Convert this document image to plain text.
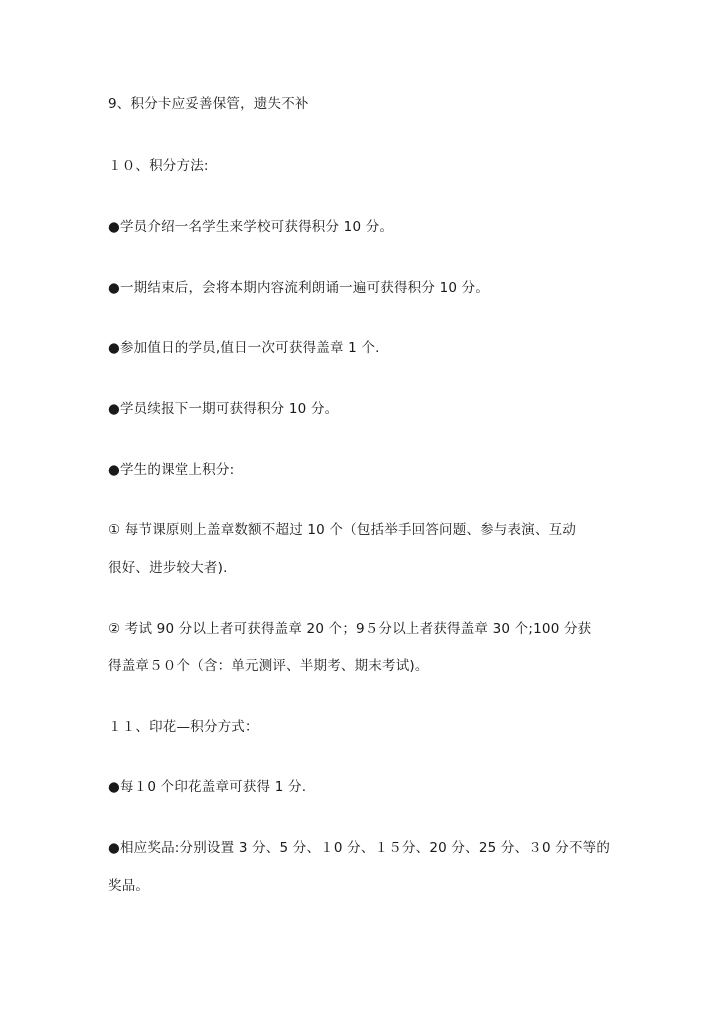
9、积分卡应妥善保管，遗失不补
１０、积分方法:
●学员介绍一名学生来学校可获得积分 10 分。
●一期结束后，会将本期内容流利朗诵一遍可获得积分 10 分。
●参加值日的学员,值日一次可获得盖章 1 个.
●学员续报下一期可获得积分 10 分。
●学生的课堂上积分:
① 每节课原则上盖章数额不超过 10 个（包括举手回答问题、参与表演、互动
很好、进步较大者).
② 考试 90 分以上者可获得盖章 20 个；9５分以上者获得盖章 30 个;100 分获
得盖章５０个（含：单元测评、半期考、期末考试)。
１１、印花—积分方式：
●每１0 个印花盖章可获得 1 分.
●相应奖品:分别设置 3 分、5 分、１0 分、１５分、20 分、25 分、３0 分不等的
奖品。
